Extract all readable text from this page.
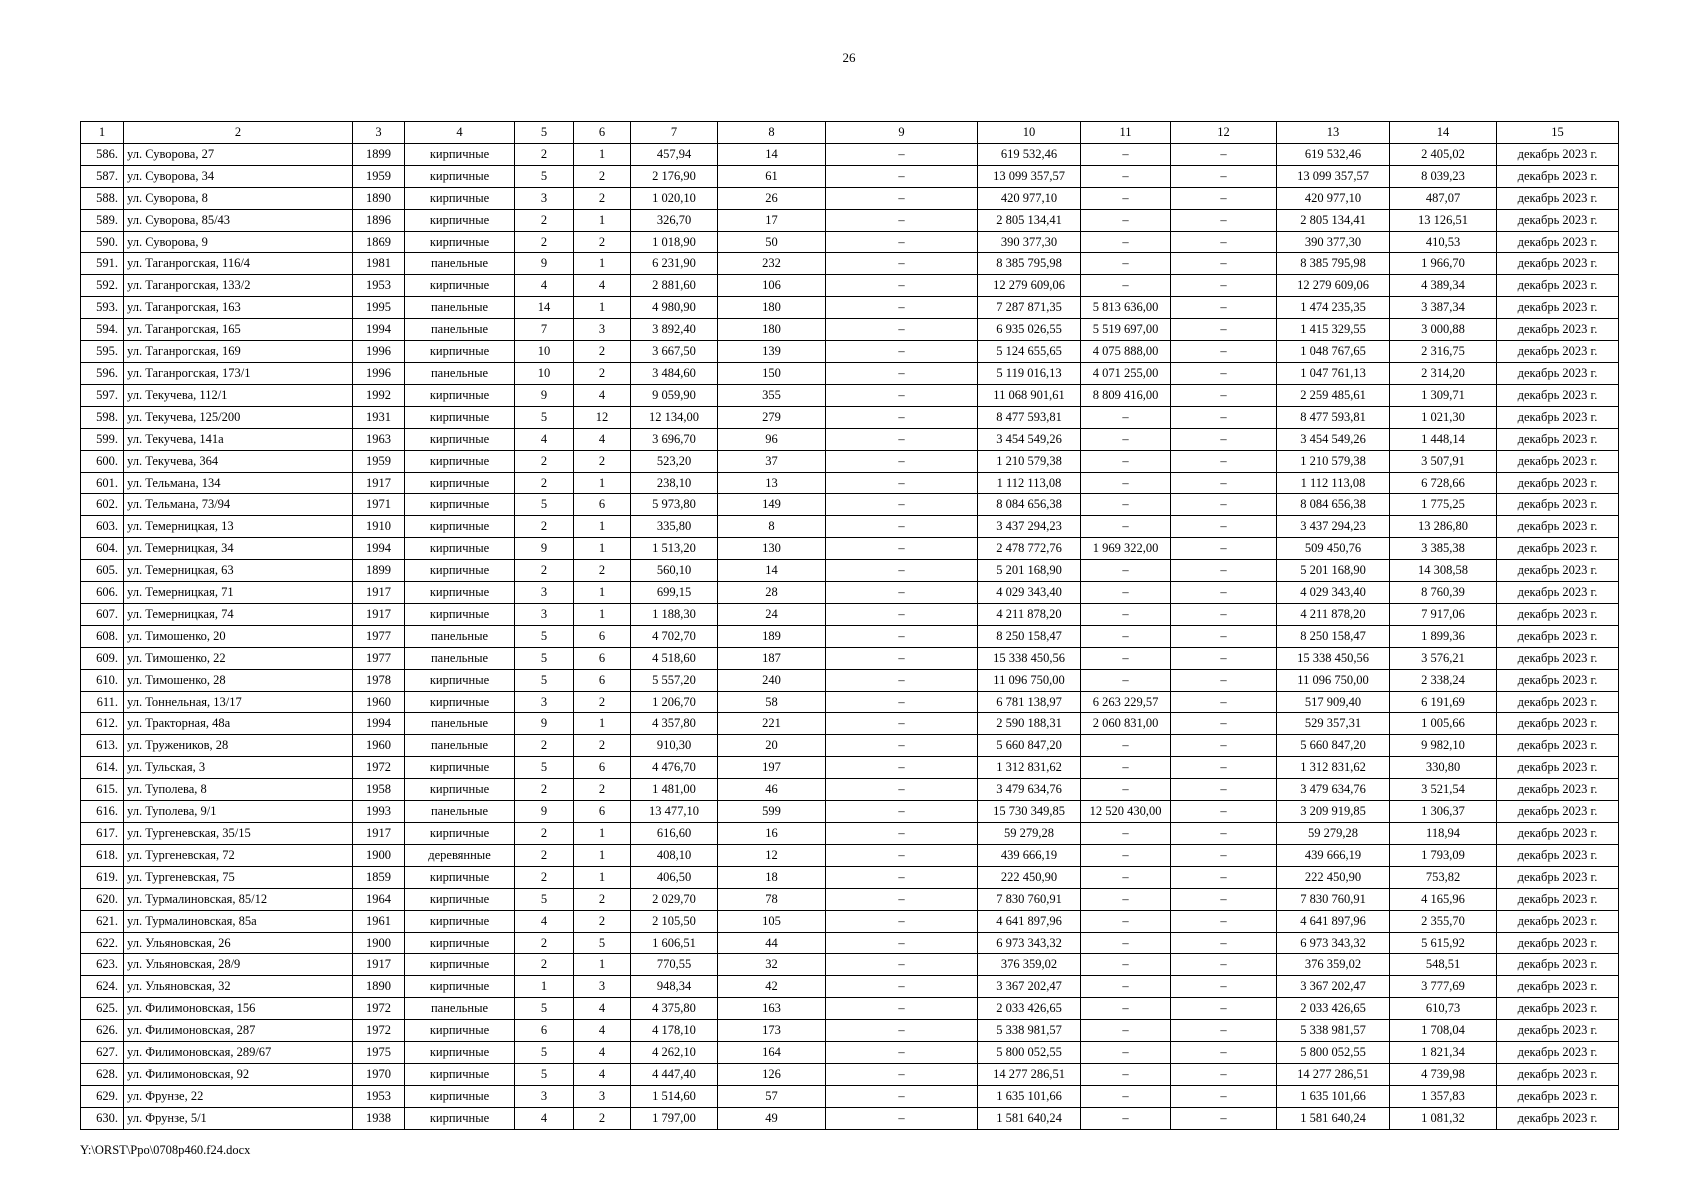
26
1	2	3	4	5	6	7	8	9	10	11	12	13	14	15
586.	ул. Суворова, 27	1899	кирпичные	2	1	457,94	14	–	619 532,46	–	–	619 532,46	2 405,02	декабрь 2023 г.
587.	ул. Суворова, 34	1959	кирпичные	5	2	2 176,90	61	–	13 099 357,57	–	–	13 099 357,57	8 039,23	декабрь 2023 г.
588.	ул. Суворова, 8	1890	кирпичные	3	2	1 020,10	26	–	420 977,10	–	–	420 977,10	487,07	декабрь 2023 г.
589.	ул. Суворова, 85/43	1896	кирпичные	2	1	326,70	17	–	2 805 134,41	–	–	2 805 134,41	13 126,51	декабрь 2023 г.
590.	ул. Суворова, 9	1869	кирпичные	2	2	1 018,90	50	–	390 377,30	–	–	390 377,30	410,53	декабрь 2023 г.
591.	ул. Таганрогская, 116/4	1981	панельные	9	1	6 231,90	232	–	8 385 795,98	–	–	8 385 795,98	1 966,70	декабрь 2023 г.
592.	ул. Таганрогская, 133/2	1953	кирпичные	4	4	2 881,60	106	–	12 279 609,06	–	–	12 279 609,06	4 389,34	декабрь 2023 г.
593.	ул. Таганрогская, 163	1995	панельные	14	1	4 980,90	180	–	7 287 871,35	5 813 636,00	–	1 474 235,35	3 387,34	декабрь 2023 г.
594.	ул. Таганрогская, 165	1994	панельные	7	3	3 892,40	180	–	6 935 026,55	5 519 697,00	–	1 415 329,55	3 000,88	декабрь 2023 г.
595.	ул. Таганрогская, 169	1996	кирпичные	10	2	3 667,50	139	–	5 124 655,65	4 075 888,00	–	1 048 767,65	2 316,75	декабрь 2023 г.
596.	ул. Таганрогская, 173/1	1996	панельные	10	2	3 484,60	150	–	5 119 016,13	4 071 255,00	–	1 047 761,13	2 314,20	декабрь 2023 г.
597.	ул. Текучева, 112/1	1992	кирпичные	9	4	9 059,90	355	–	11 068 901,61	8 809 416,00	–	2 259 485,61	1 309,71	декабрь 2023 г.
598.	ул. Текучева, 125/200	1931	кирпичные	5	12	12 134,00	279	–	8 477 593,81	–	–	8 477 593,81	1 021,30	декабрь 2023 г.
599.	ул. Текучева, 141а	1963	кирпичные	4	4	3 696,70	96	–	3 454 549,26	–	–	3 454 549,26	1 448,14	декабрь 2023 г.
600.	ул. Текучева, 364	1959	кирпичные	2	2	523,20	37	–	1 210 579,38	–	–	1 210 579,38	3 507,91	декабрь 2023 г.
601.	ул. Тельмана, 134	1917	кирпичные	2	1	238,10	13	–	1 112 113,08	–	–	1 112 113,08	6 728,66	декабрь 2023 г.
602.	ул. Тельмана, 73/94	1971	кирпичные	5	6	5 973,80	149	–	8 084 656,38	–	–	8 084 656,38	1 775,25	декабрь 2023 г.
603.	ул. Темерницкая, 13	1910	кирпичные	2	1	335,80	8	–	3 437 294,23	–	–	3 437 294,23	13 286,80	декабрь 2023 г.
604.	ул. Темерницкая, 34	1994	кирпичные	9	1	1 513,20	130	–	2 478 772,76	1 969 322,00	–	509 450,76	3 385,38	декабрь 2023 г.
605.	ул. Темерницкая, 63	1899	кирпичные	2	2	560,10	14	–	5 201 168,90	–	–	5 201 168,90	14 308,58	декабрь 2023 г.
606.	ул. Темерницкая, 71	1917	кирпичные	3	1	699,15	28	–	4 029 343,40	–	–	4 029 343,40	8 760,39	декабрь 2023 г.
607.	ул. Темерницкая, 74	1917	кирпичные	3	1	1 188,30	24	–	4 211 878,20	–	–	4 211 878,20	7 917,06	декабрь 2023 г.
608.	ул. Тимошенко, 20	1977	панельные	5	6	4 702,70	189	–	8 250 158,47	–	–	8 250 158,47	1 899,36	декабрь 2023 г.
609.	ул. Тимошенко, 22	1977	панельные	5	6	4 518,60	187	–	15 338 450,56	–	–	15 338 450,56	3 576,21	декабрь 2023 г.
610.	ул. Тимошенко, 28	1978	кирпичные	5	6	5 557,20	240	–	11 096 750,00	–	–	11 096 750,00	2 338,24	декабрь 2023 г.
611.	ул. Тоннельная, 13/17	1960	кирпичные	3	2	1 206,70	58	–	6 781 138,97	6 263 229,57	–	517 909,40	6 191,69	декабрь 2023 г.
612.	ул. Тракторная, 48а	1994	панельные	9	1	4 357,80	221	–	2 590 188,31	2 060 831,00	–	529 357,31	1 005,66	декабрь 2023 г.
613.	ул. Тружеников, 28	1960	панельные	2	2	910,30	20	–	5 660 847,20	–	–	5 660 847,20	9 982,10	декабрь 2023 г.
614.	ул. Тульская, 3	1972	кирпичные	5	6	4 476,70	197	–	1 312 831,62	–	–	1 312 831,62	330,80	декабрь 2023 г.
615.	ул. Туполева, 8	1958	кирпичные	2	2	1 481,00	46	–	3 479 634,76	–	–	3 479 634,76	3 521,54	декабрь 2023 г.
616.	ул. Туполева, 9/1	1993	панельные	9	6	13 477,10	599	–	15 730 349,85	12 520 430,00	–	3 209 919,85	1 306,37	декабрь 2023 г.
617.	ул. Тургеневская, 35/15	1917	кирпичные	2	1	616,60	16	–	59 279,28	–	–	59 279,28	118,94	декабрь 2023 г.
618.	ул. Тургеневская, 72	1900	деревянные	2	1	408,10	12	–	439 666,19	–	–	439 666,19	1 793,09	декабрь 2023 г.
619.	ул. Тургеневская, 75	1859	кирпичные	2	1	406,50	18	–	222 450,90	–	–	222 450,90	753,82	декабрь 2023 г.
620.	ул. Турмалиновская, 85/12	1964	кирпичные	5	2	2 029,70	78	–	7 830 760,91	–	–	7 830 760,91	4 165,96	декабрь 2023 г.
621.	ул. Турмалиновская, 85а	1961	кирпичные	4	2	2 105,50	105	–	4 641 897,96	–	–	4 641 897,96	2 355,70	декабрь 2023 г.
622.	ул. Ульяновская, 26	1900	кирпичные	2	5	1 606,51	44	–	6 973 343,32	–	–	6 973 343,32	5 615,92	декабрь 2023 г.
623.	ул. Ульяновская, 28/9	1917	кирпичные	2	1	770,55	32	–	376 359,02	–	–	376 359,02	548,51	декабрь 2023 г.
624.	ул. Ульяновская, 32	1890	кирпичные	1	3	948,34	42	–	3 367 202,47	–	–	3 367 202,47	3 777,69	декабрь 2023 г.
625.	ул. Филимоновская, 156	1972	панельные	5	4	4 375,80	163	–	2 033 426,65	–	–	2 033 426,65	610,73	декабрь 2023 г.
626.	ул. Филимоновская, 287	1972	кирпичные	6	4	4 178,10	173	–	5 338 981,57	–	–	5 338 981,57	1 708,04	декабрь 2023 г.
627.	ул. Филимоновская, 289/67	1975	кирпичные	5	4	4 262,10	164	–	5 800 052,55	–	–	5 800 052,55	1 821,34	декабрь 2023 г.
628.	ул. Филимоновская, 92	1970	кирпичные	5	4	4 447,40	126	–	14 277 286,51	–	–	14 277 286,51	4 739,98	декабрь 2023 г.
629.	ул. Фрунзе, 22	1953	кирпичные	3	3	1 514,60	57	–	1 635 101,66	–	–	1 635 101,66	1 357,83	декабрь 2023 г.
630.	ул. Фрунзе, 5/1	1938	кирпичные	4	2	1 797,00	49	–	1 581 640,24	–	–	1 581 640,24	1 081,32	декабрь 2023 г.
Y:\ORST\Ppo\0708p460.f24.docx
